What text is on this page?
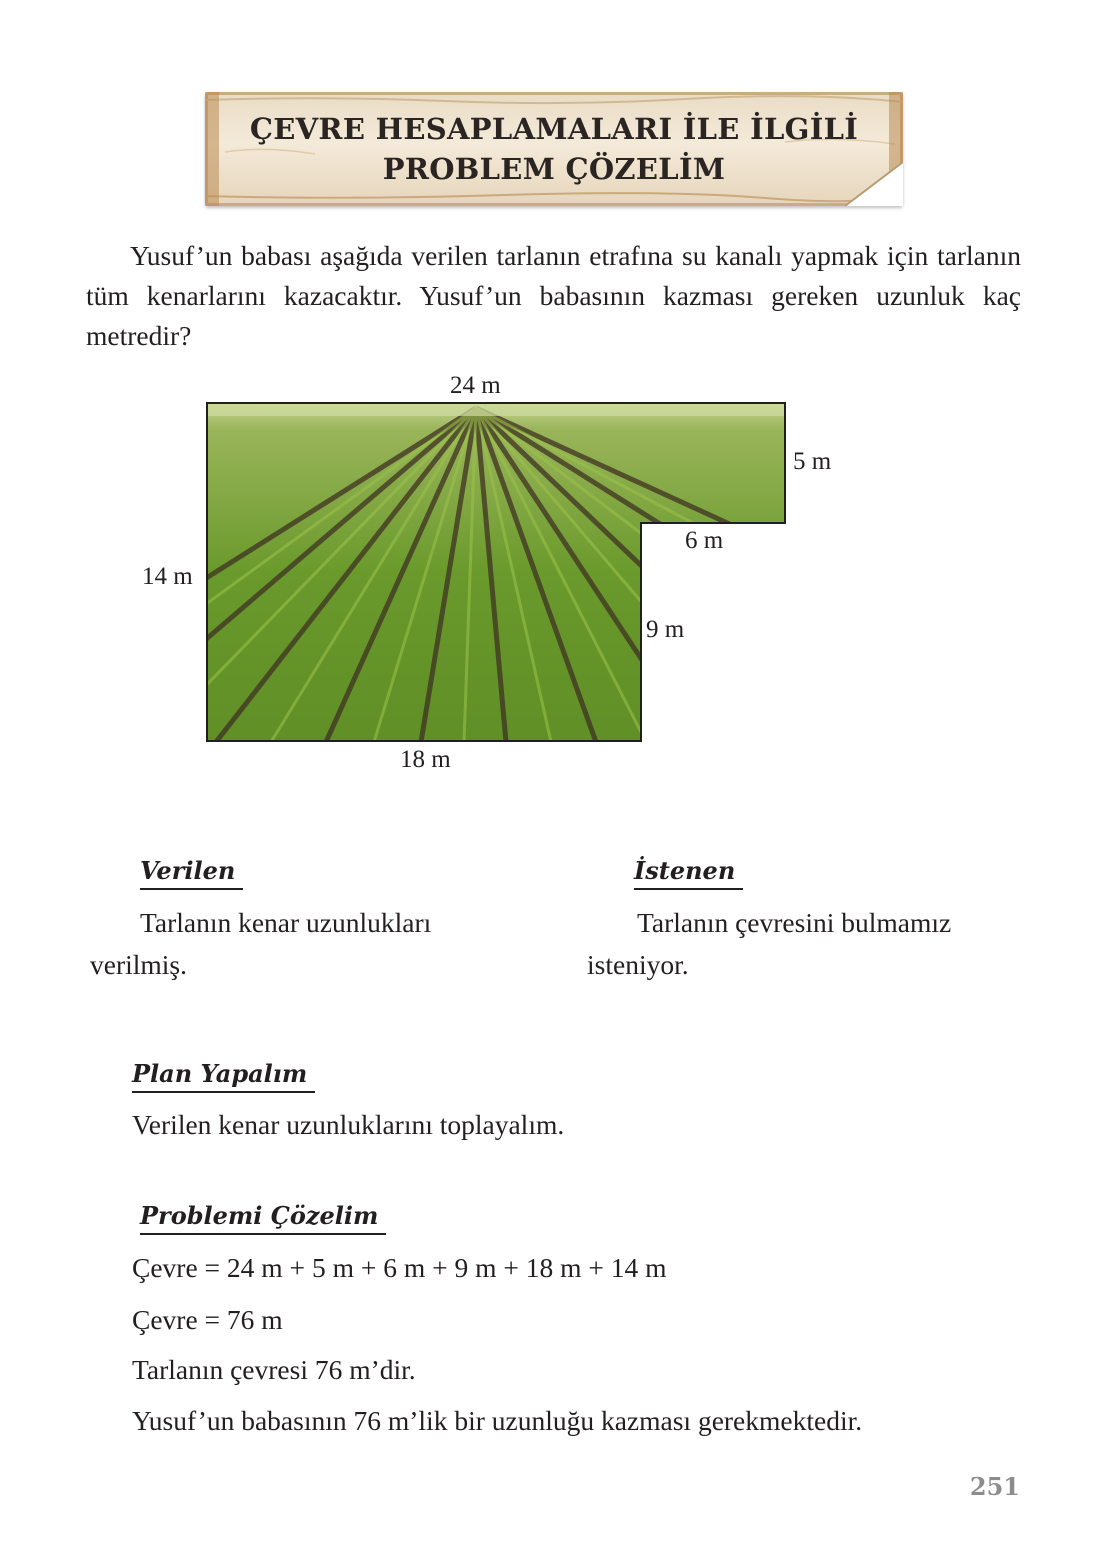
ÇEVRE HESAPLAMALARI İLE İLGİLİ
PROBLEM ÇÖZELİM

Yusuf’un babası aşağıda verilen tarlanın etrafına su kanalı yapmak için tarlanın tüm kenarlarını kazacaktır. Yusuf’un babasının kazması gereken uzunluk kaç metredir?

24 m
5 m
6 m
9 m
14 m
18 m
Verilen

Tarlanın kenar uzunlukları verilmiş.

İstenen

Tarlanın çevresini bulmamız isteniyor.

Plan Yapalım

Verilen kenar uzunluklarını toplayalım.

Problemi Çözelim

Çevre = 24 m + 5 m + 6 m + 9 m + 18 m + 14 m

Çevre = 76 m

Tarlanın çevresi 76 m’dir.

Yusuf’un babasının 76 m’lik bir uzunluğu kazması gerekmektedir.

251
